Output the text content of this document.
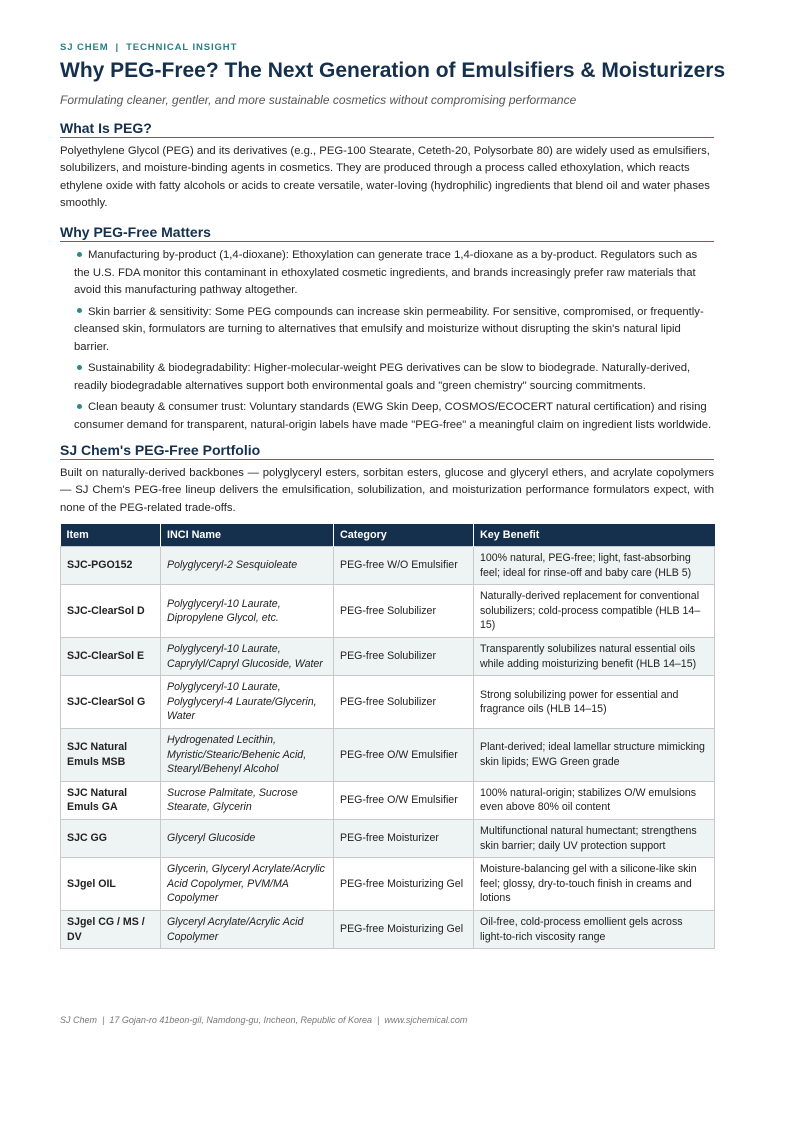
SJ CHEM | TECHNICAL INSIGHT
Why PEG-Free? The Next Generation of Emulsifiers & Moisturizers
Formulating cleaner, gentler, and more sustainable cosmetics without compromising performance
What Is PEG?
Polyethylene Glycol (PEG) and its derivatives (e.g., PEG-100 Stearate, Ceteth-20, Polysorbate 80) are widely used as emulsifiers, solubilizers, and moisture-binding agents in cosmetics. They are produced through a process called ethoxylation, which reacts ethylene oxide with fatty alcohols or acids to create versatile, water-loving (hydrophilic) ingredients that blend oil and water phases smoothly.
Why PEG-Free Matters
Manufacturing by-product (1,4-dioxane): Ethoxylation can generate trace 1,4-dioxane as a by-product. Regulators such as the U.S. FDA monitor this contaminant in ethoxylated cosmetic ingredients, and brands increasingly prefer raw materials that avoid this manufacturing pathway altogether.
Skin barrier & sensitivity: Some PEG compounds can increase skin permeability. For sensitive, compromised, or frequently-cleansed skin, formulators are turning to alternatives that emulsify and moisturize without disrupting the skin's natural lipid barrier.
Sustainability & biodegradability: Higher-molecular-weight PEG derivatives can be slow to biodegrade. Naturally-derived, readily biodegradable alternatives support both environmental goals and "green chemistry" sourcing commitments.
Clean beauty & consumer trust: Voluntary standards (EWG Skin Deep, COSMOS/ECOCERT natural certification) and rising consumer demand for transparent, natural-origin labels have made "PEG-free" a meaningful claim on ingredient lists worldwide.
SJ Chem's PEG-Free Portfolio
Built on naturally-derived backbones — polyglyceryl esters, sorbitan esters, glucose and glyceryl ethers, and acrylate copolymers — SJ Chem's PEG-free lineup delivers the emulsification, solubilization, and moisturization performance formulators expect, with none of the PEG-related trade-offs.
Item	INCI Name	Category	Key Benefit
SJC-PGO152	Polyglyceryl-2 Sesquioleate	PEG-free W/O Emulsifier	100% natural, PEG-free; light, fast-absorbing feel; ideal for rinse-off and baby care (HLB 5)
SJC-ClearSol D	Polyglyceryl-10 Laurate, Dipropylene Glycol, etc.	PEG-free Solubilizer	Naturally-derived replacement for conventional solubilizers; cold-process compatible (HLB 14–15)
SJC-ClearSol E	Polyglyceryl-10 Laurate, Caprylyl/Capryl Glucoside, Water	PEG-free Solubilizer	Transparently solubilizes natural essential oils while adding moisturizing benefit (HLB 14–15)
SJC-ClearSol G	Polyglyceryl-10 Laurate, Polyglyceryl-4 Laurate/Glycerin, Water	PEG-free Solubilizer	Strong solubilizing power for essential and fragrance oils (HLB 14–15)
SJC Natural Emuls MSB	Hydrogenated Lecithin, Myristic/Stearic/Behenic Acid, Stearyl/Behenyl Alcohol	PEG-free O/W Emulsifier	Plant-derived; ideal lamellar structure mimicking skin lipids; EWG Green grade
SJC Natural Emuls GA	Sucrose Palmitate, Sucrose Stearate, Glycerin	PEG-free O/W Emulsifier	100% natural-origin; stabilizes O/W emulsions even above 80% oil content
SJC GG	Glyceryl Glucoside	PEG-free Moisturizer	Multifunctional natural humectant; strengthens skin barrier; daily UV protection support
SJgel OIL	Glycerin, Glyceryl Acrylate/Acrylic Acid Copolymer, PVM/MA Copolymer	PEG-free Moisturizing Gel	Moisture-balancing gel with a silicone-like skin feel; glossy, dry-to-touch finish in creams and lotions
SJgel CG / MS / DV	Glyceryl Acrylate/Acrylic Acid Copolymer	PEG-free Moisturizing Gel	Oil-free, cold-process emollient gels across light-to-rich viscosity range
SJ Chem | 17 Gojan-ro 41beon-gil, Namdong-gu, Incheon, Republic of Korea | www.sjchemical.com
